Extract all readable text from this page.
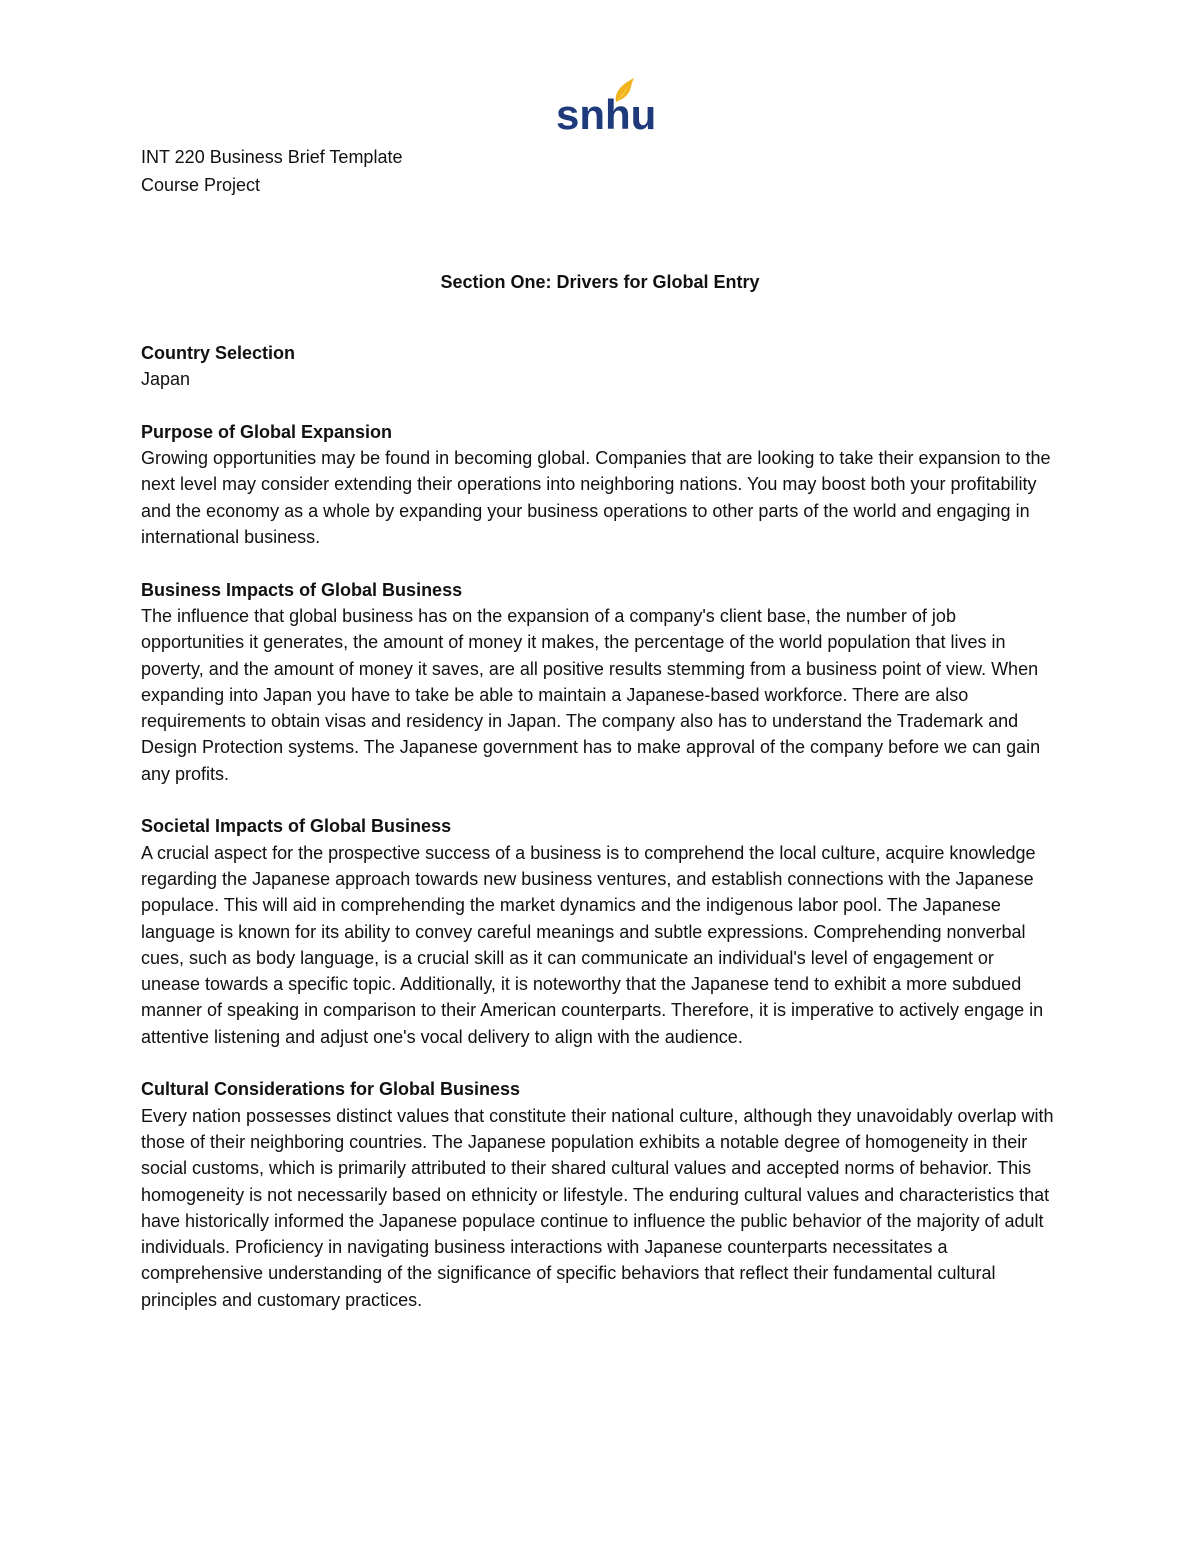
snhu
INT 220 Business Brief Template
Course Project
Section One: Drivers for Global Entry
Country Selection
Japan
Purpose of Global Expansion
Growing opportunities may be found in becoming global. Companies that are looking to take their expansion to the next level may consider extending their operations into neighboring nations. You may boost both your profitability and the economy as a whole by expanding your business operations to other parts of the world and engaging in international business.
Business Impacts of Global Business
The influence that global business has on the expansion of a company's client base, the number of job opportunities it generates, the amount of money it makes, the percentage of the world population that lives in poverty, and the amount of money it saves, are all positive results stemming from a business point of view. When expanding into Japan you have to take be able to maintain a Japanese-based workforce. There are also requirements to obtain visas and residency in Japan. The company also has to understand the Trademark and Design Protection systems. The Japanese government has to make approval of the company before we can gain any profits.
Societal Impacts of Global Business
A crucial aspect for the prospective success of a business is to comprehend the local culture, acquire knowledge regarding the Japanese approach towards new business ventures, and establish connections with the Japanese populace. This will aid in comprehending the market dynamics and the indigenous labor pool. The Japanese language is known for its ability to convey careful meanings and subtle expressions. Comprehending nonverbal cues, such as body language, is a crucial skill as it can communicate an individual's level of engagement or unease towards a specific topic. Additionally, it is noteworthy that the Japanese tend to exhibit a more subdued manner of speaking in comparison to their American counterparts. Therefore, it is imperative to actively engage in attentive listening and adjust one's vocal delivery to align with the audience.
Cultural Considerations for Global Business
Every nation possesses distinct values that constitute their national culture, although they unavoidably overlap with those of their neighboring countries. The Japanese population exhibits a notable degree of homogeneity in their social customs, which is primarily attributed to their shared cultural values and accepted norms of behavior. This homogeneity is not necessarily based on ethnicity or lifestyle. The enduring cultural values and characteristics that have historically informed the Japanese populace continue to influence the public behavior of the majority of adult individuals. Proficiency in navigating business interactions with Japanese counterparts necessitates a comprehensive understanding of the significance of specific behaviors that reflect their fundamental cultural principles and customary practices.
